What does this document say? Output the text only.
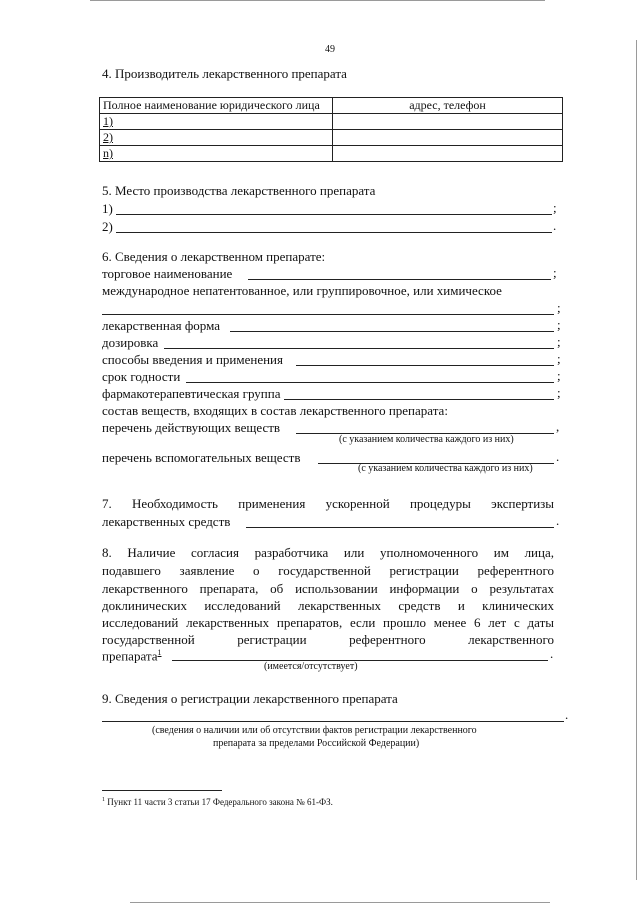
49
4. Производитель лекарственного препарата
Полное наименование юридического лица	адрес, телефон
1)	
2)	
n)	
5. Место производства лекарственного препарата
1)	;
2)	.
6. Сведения о лекарственном препарате:
торговое наименование	;
международное непатентованное, или группировочное, или химическое
;
лекарственная форма	;
дозировка	;
способы введения и применения	;
срок годности	;
фармакотерапевтическая группа	;
состав веществ, входящих в состав лекарственного препарата:
перечень действующих веществ	,
(с указанием количества каждого из них)
перечень вспомогательных веществ	.
(с указанием количества каждого из них)
7. Необходимость применения ускоренной процедуры экспертизы
лекарственных средств	.
8. Наличие согласия разработчика или уполномоченного им лица,
подавшего заявление о государственной регистрации референтного
лекарственного препарата, об использовании информации о результатах
доклинических исследований лекарственных средств и клинических
исследований лекарственных препаратов, если прошло менее 6 лет с даты
государственной регистрации референтного лекарственного
препарата$^1$	.
(имеется/отсутствует)
9. Сведения о регистрации лекарственного препарата
.
(сведения о наличии или об отсутствии фактов регистрации лекарственного
препарата за пределами Российской Федерации)
$^1$ Пункт 11 части 3 статьи 17 Федерального закона № 61-ФЗ.
